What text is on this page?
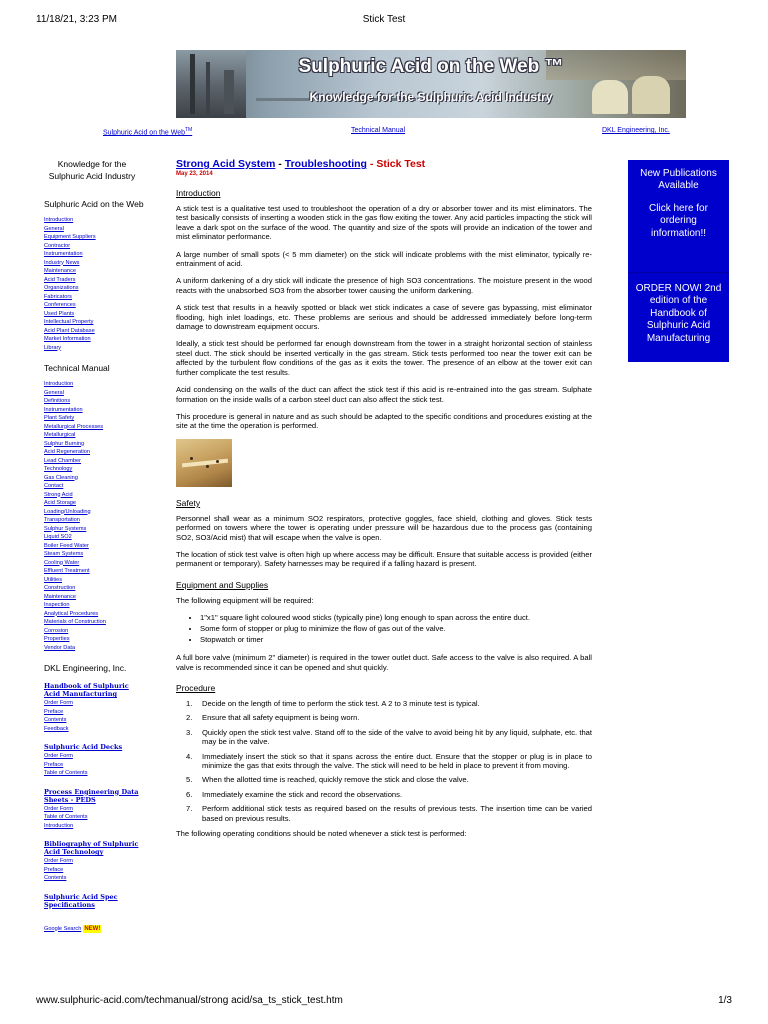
11/18/21, 3:23 PM	Stick Test
Sulphuric Acid on the Web ™
Knowledge for the Sulphuric Acid Industry
Sulphuric Acid on the Web™	Technical Manual	DKL Engineering, Inc.
Knowledge for the Sulphuric Acid Industry
Sulphuric Acid on the Web
Introduction
General
Equipment Suppliers
Contractor
Instrumentation
Industry News
Maintenance
Acid Traders
Organizations
Fabricators
Conferences
Used Plants
Intellectual Property
Acid Plant Database
Market Information
Library
Technical Manual
Introduction
General
Definitions
Instrumentation
Plant Safety
Metallurgical Processes
Metallurgical
Sulphur Burning
Acid Regeneration
Lead Chamber
Technology
Gas Cleaning
Contact
Strong Acid
Acid Storage
Loading/Unloading
Transportation
Sulphur Systems
Liquid SO2
Boiler Feed Water
Steam Systems
Cooling Water
Effluent Treatment
Utilities
Construction
Maintenance
Inspection
Analytical Procedures
Materials of Construction
Corrosion
Properties
Vendor Data
DKL Engineering, Inc.
Handbook of Sulphuric Acid Manufacturing
Order Form
Preface
Contents
Feedback
Sulphuric Acid Decks
Order Form
Preface
Table of Contents
Process Engineering Data Sheets - PEDS
Order Form
Table of Contents
Introduction
Bibliography of Sulphuric Acid Technology
Order Form
Preface
Contents
Sulphuric Acid Spec Specifications
Google Search NEW!
Strong Acid System - Troubleshooting - Stick Test
May 23, 2014
Introduction

A stick test is a qualitative test used to troubleshoot the operation of a dry or absorber tower and its mist eliminators. The test basically consists of inserting a wooden stick in the gas flow exiting the tower. Any acid particles impacting the stick will leave a dark spot on the surface of the wood. The quantity and size of the spots will provide an indication of the tower and mist eliminator performance.

A large number of small spots (< 5 mm diameter) on the stick will indicate problems with the mist eliminator, typically re-entrainment of acid.

A uniform darkening of a dry stick will indicate the presence of high SO3 concentrations. The moisture present in the wood reacts with the unabsorbed SO3 from the absorber tower causing the uniform darkening.

A stick test that results in a heavily spotted or black wet stick indicates a case of severe gas bypassing, mist eliminator flooding, high inlet loadings, etc. These problems are serious and should be addressed immediately before long-term damage to downstream equipment occurs.

Ideally, a stick test should be performed far enough downstream from the tower in a straight horizontal section of stainless steel duct. The stick should be inserted vertically in the gas stream. Stick tests performed too near the tower exit can be affected by the turbulent flow conditions of the gas as it exits the tower. The presence of an elbow at the tower exit can further complicate the test results.

Acid condensing on the walls of the duct can affect the stick test if this acid is re-entrained into the gas stream. Sulphate formation on the inside walls of a carbon steel duct can also affect the stick test.

This procedure is general in nature and as such should be adapted to the specific conditions and procedures existing at the site at the time the operation is performed.

Safety

Personnel shall wear as a minimum SO2 respirators, protective goggles, face shield, clothing and gloves. Stick tests performed on towers where the tower is operating under pressure will be hazardous due to the process gas (containing SO2, SO3/Acid mist) that will escape when the valve is open.

The location of stick test valve is often high up where access may be difficult. Ensure that suitable access is provided (either permanent or temporary). Safety harnesses may be required if a falling hazard is present.

Equipment and Supplies

The following equipment will be required:

• 1"x1" square light coloured wood sticks (typically pine) long enough to span across the entire duct.
• Some form of stopper or plug to minimize the flow of gas out of the valve.
• Stopwatch or timer

A full bore valve (minimum 2" diameter) is required in the tower outlet duct. Safe access to the valve is also required. A ball valve is recommended since it can be opened and shut quickly.

Procedure
1.	Decide on the length of time to perform the stick test. A 2 to 3 minute test is typical.
2.	Ensure that all safety equipment is being worn.
3.	Quickly open the stick test valve. Stand off to the side of the valve to avoid being hit by any liquid, sulphate, etc. that may be in the valve.
4.	Immediately insert the stick so that it spans across the entire duct. Ensure that the stopper or plug is in place to minimize the gas that exits through the valve. The stick will need to be held in place to prevent it from moving.
5.	When the allotted time is reached, quickly remove the stick and close the valve.
6.	Immediately examine the stick and record the observations.
7.	Perform additional stick tests as required based on the results of previous tests. The insertion time can be varied based on previous results.

The following operating conditions should be noted whenever a stick test is performed:

New Publications Available

Click here for ordering information!!

ORDER NOW! 2nd edition of the Handbook of Sulphuric Acid Manufacturing

www.sulphuric-acid.com/techmanual/strong acid/sa_ts_stick_test.htm	1/3
